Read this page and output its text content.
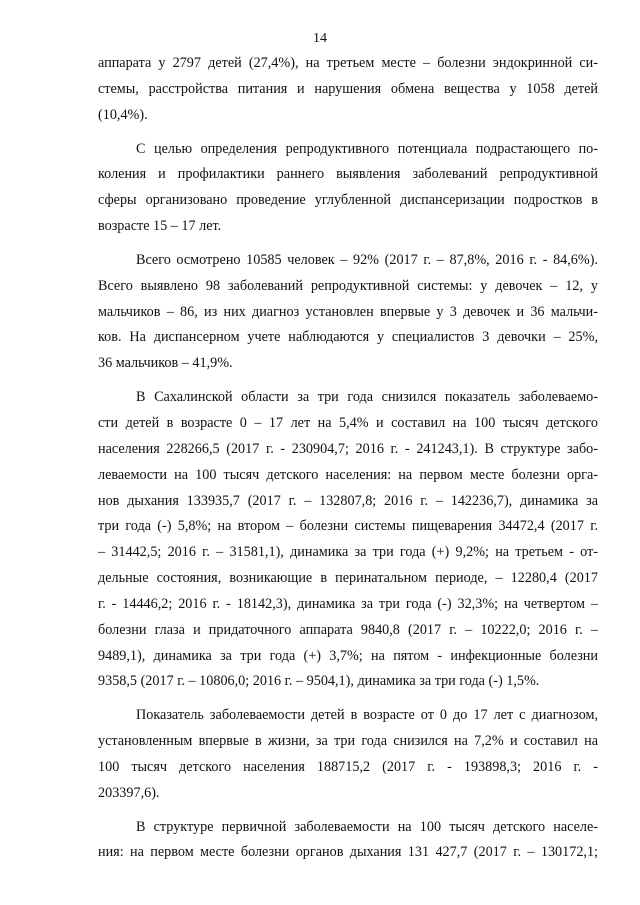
14
аппарата у 2797 детей (27,4%), на третьем месте – болезни эндокринной си-
стемы, расстройства питания и нарушения обмена вещества у 1058 детей
(10,4%).
С целью определения репродуктивного потенциала подрастающего по-
коления и профилактики раннего выявления заболеваний репродуктивной
сферы организовано проведение углубленной диспансеризации подростков в
возрасте 15 – 17 лет.
Всего осмотрено 10585 человек – 92% (2017 г. – 87,8%, 2016 г. - 84,6%).
Всего выявлено 98 заболеваний репродуктивной системы: у девочек – 12, у
мальчиков – 86, из них диагноз установлен впервые у 3 девочек и 36 мальчи-
ков. На диспансерном учете наблюдаются у специалистов 3 девочки – 25%,
36 мальчиков – 41,9%.
В Сахалинской области за три года снизился показатель заболеваемо-
сти детей в возрасте 0 – 17 лет на 5,4% и составил на 100 тысяч детского
населения 228266,5 (2017 г. - 230904,7; 2016 г. - 241243,1). В структуре забо-
леваемости на 100 тысяч детского населения: на первом месте болезни орга-
нов дыхания 133935,7 (2017 г. – 132807,8; 2016 г. – 142236,7), динамика за
три года (-) 5,8%; на втором – болезни системы пищеварения 34472,4 (2017 г.
– 31442,5; 2016 г. – 31581,1), динамика за три года (+) 9,2%; на третьем - от-
дельные состояния, возникающие в перинатальном периоде, – 12280,4 (2017
г. - 14446,2; 2016 г. - 18142,3), динамика за три года (-) 32,3%; на четвертом –
болезни глаза и придаточного аппарата 9840,8 (2017 г. – 10222,0; 2016 г. –
9489,1), динамика за три года (+) 3,7%; на пятом - инфекционные болезни
9358,5 (2017 г. – 10806,0; 2016 г. – 9504,1), динамика за три года (-) 1,5%.
Показатель заболеваемости детей в возрасте от 0 до 17 лет с диагнозом,
установленным впервые в жизни, за три года снизился на 7,2% и составил на
100 тысяч детского населения 188715,2 (2017 г. - 193898,3; 2016 г. -
203397,6).
В структуре первичной заболеваемости на 100 тысяч детского населе-
ния: на первом месте болезни органов дыхания 131 427,7 (2017 г. – 130172,1;
